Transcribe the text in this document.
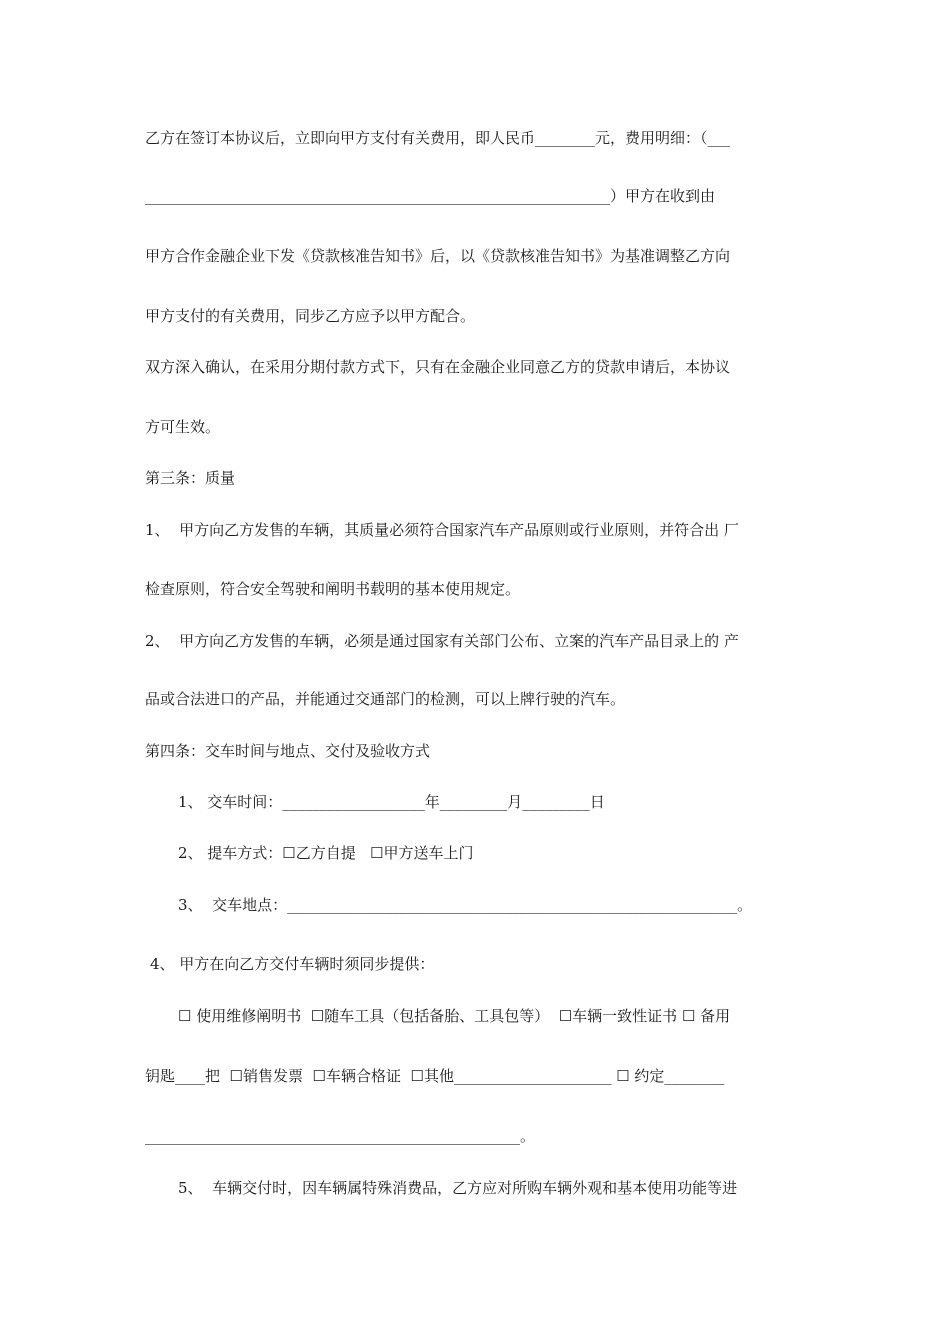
乙方在签订本协议后，立即向甲方支付有关费用，即人民币________元，费用明细：（___
______________________________________________________________）甲方在收到由
甲方合作金融企业下发《贷款核准告知书》后，以《贷款核准告知书》为基准调整乙方向
甲方支付的有关费用，同步乙方应予以甲方配合。
双方深入确认，在采用分期付款方式下，只有在金融企业同意乙方的贷款申请后，本协议
方可生效。
第三条：质量
1、  甲方向乙方发售的车辆，其质量必须符合国家汽车产品原则或行业原则，并符合出 厂
检查原则，符合安全驾驶和阐明书载明的基本使用规定。
2、  甲方向乙方发售的车辆，必须是通过国家有关部门公布、立案的汽车产品目录上的 产
品或合法进口的产品，并能通过交通部门的检测，可以上牌行驶的汽车。
第四条：交车时间与地点、交付及验收方式
1、 交车时间：___________________年_________月_________日
2、 提车方式：☐乙方自提   ☐甲方送车上门
3、  交车地点：____________________________________________________________。
4、 甲方在向乙方交付车辆时须同步提供：
☐ 使用维修阐明书  ☐随车工具（包括备胎、工具包等）  ☐车辆一致性证书 ☐ 备用
钥匙____把  ☐销售发票  ☐车辆合格证  ☐其他_____________________ ☐ 约定________
__________________________________________________。
5、  车辆交付时，因车辆属特殊消费品，乙方应对所购车辆外观和基本使用功能等进
